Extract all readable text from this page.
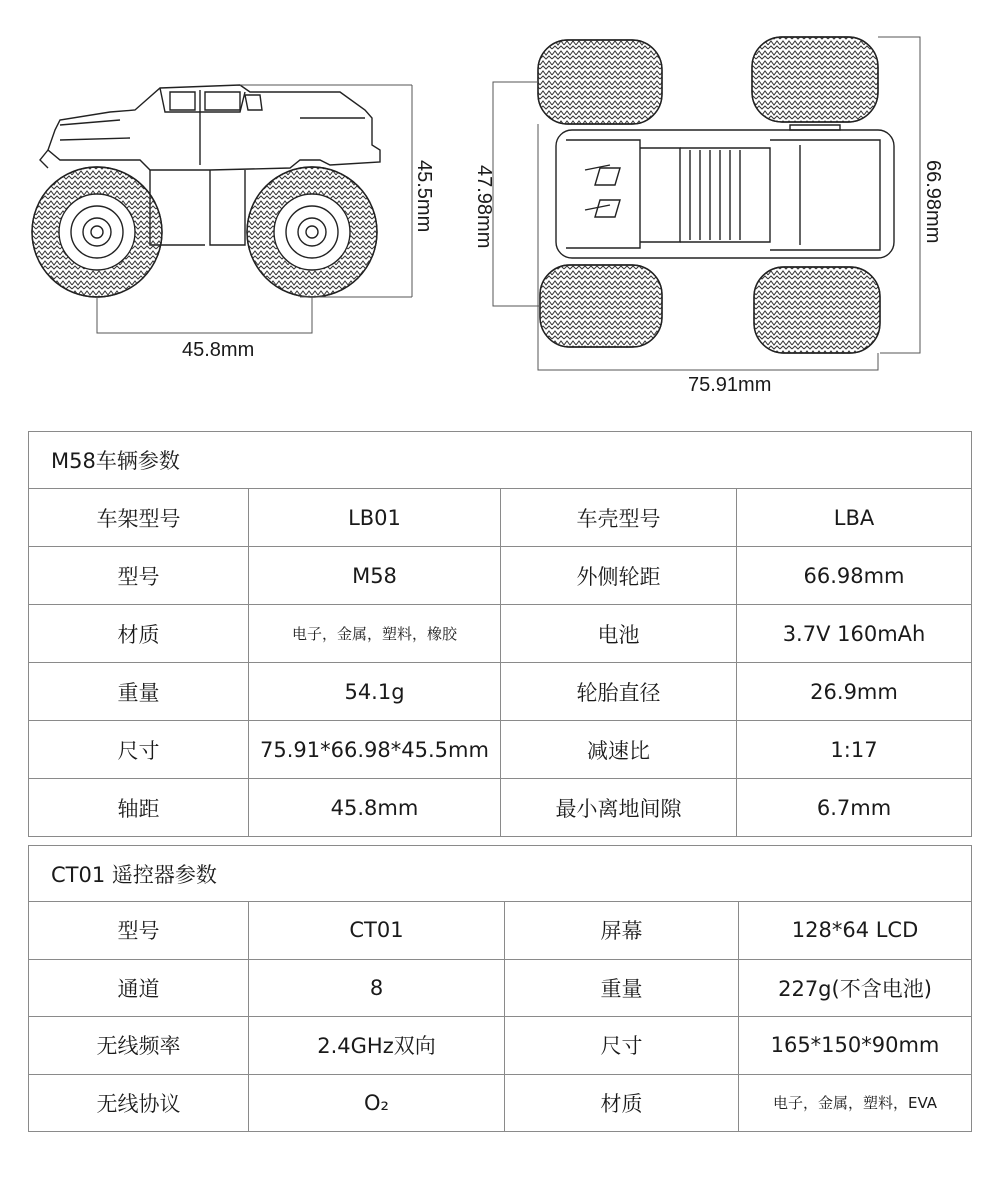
45.5mm
45.8mm
47.98mm	66.98mm
75.91mm
M58车辆参数			
车架型号	LB01	车壳型号	LBA
型号	M58	外侧轮距	66.98mm
材质	电子，金属，塑料，橡胶	电池	3.7V 160mAh
重量	54.1g	轮胎直径	26.9mm
尺寸	75.91*66.98*45.5mm	减速比	1:17
轴距	45.8mm	最小离地间隙	6.7mm
CT01 遥控器参数			
型号	CT01	屏幕	128*64 LCD
通道	8	重量	227g(不含电池)
无线频率	2.4GHz双向	尺寸	165*150*90mm
无线协议	O₂	材质	电子，金属，塑料，EVA
